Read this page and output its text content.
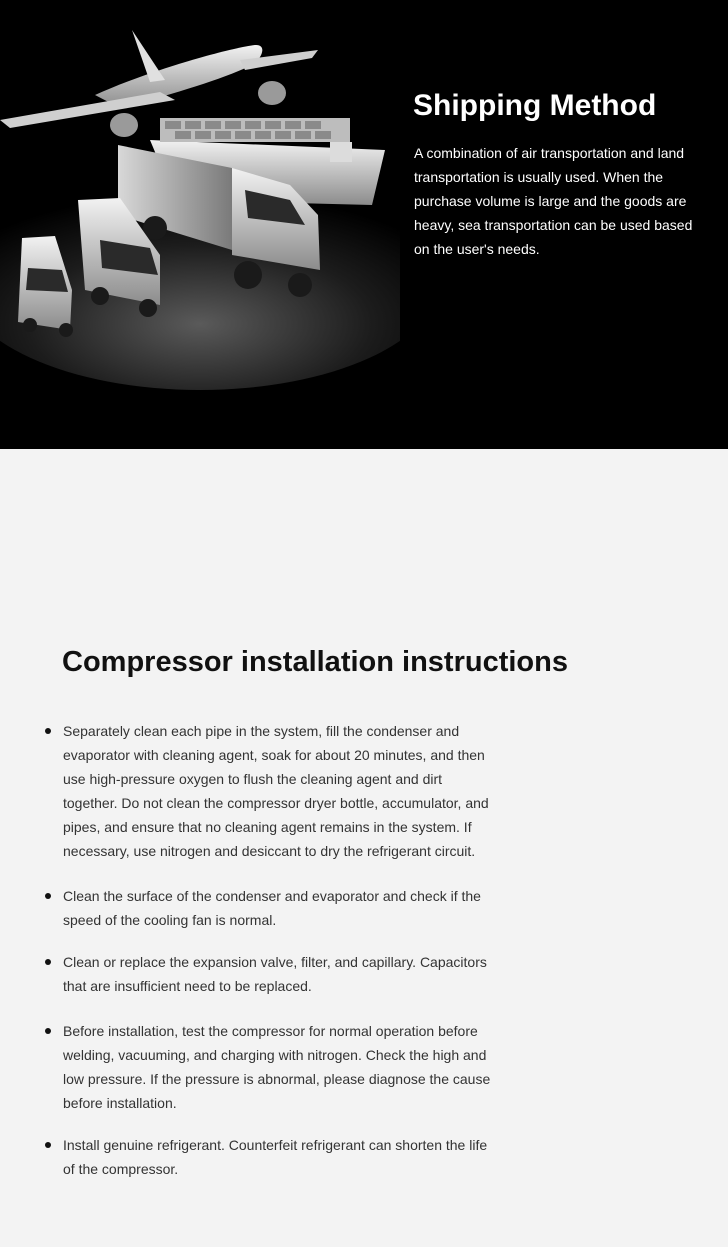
Shipping Method

A combination of air transportation and land transportation is usually used. When the purchase volume is large and the goods are heavy, sea transportation can be used based on the user's needs.

Compressor installation instructions
Separately clean each pipe in the system, fill the condenser and evaporator with cleaning agent, soak for about 20 minutes, and then use high-pressure oxygen to flush the cleaning agent and dirt together. Do not clean the compressor dryer bottle, accumulator, and pipes, and ensure that no cleaning agent remains in the system. If necessary, use nitrogen and desiccant to dry the refrigerant circuit.
Clean the surface of the condenser and evaporator and check if the speed of the cooling fan is normal.
Clean or replace the expansion valve, filter, and capillary. Capacitors that are insufficient need to be replaced.
Before installation, test the compressor for normal operation before welding, vacuuming, and charging with nitrogen. Check the high and low pressure. If the pressure is abnormal, please diagnose the cause before installation.
Install genuine refrigerant. Counterfeit refrigerant can shorten the life of the compressor.
